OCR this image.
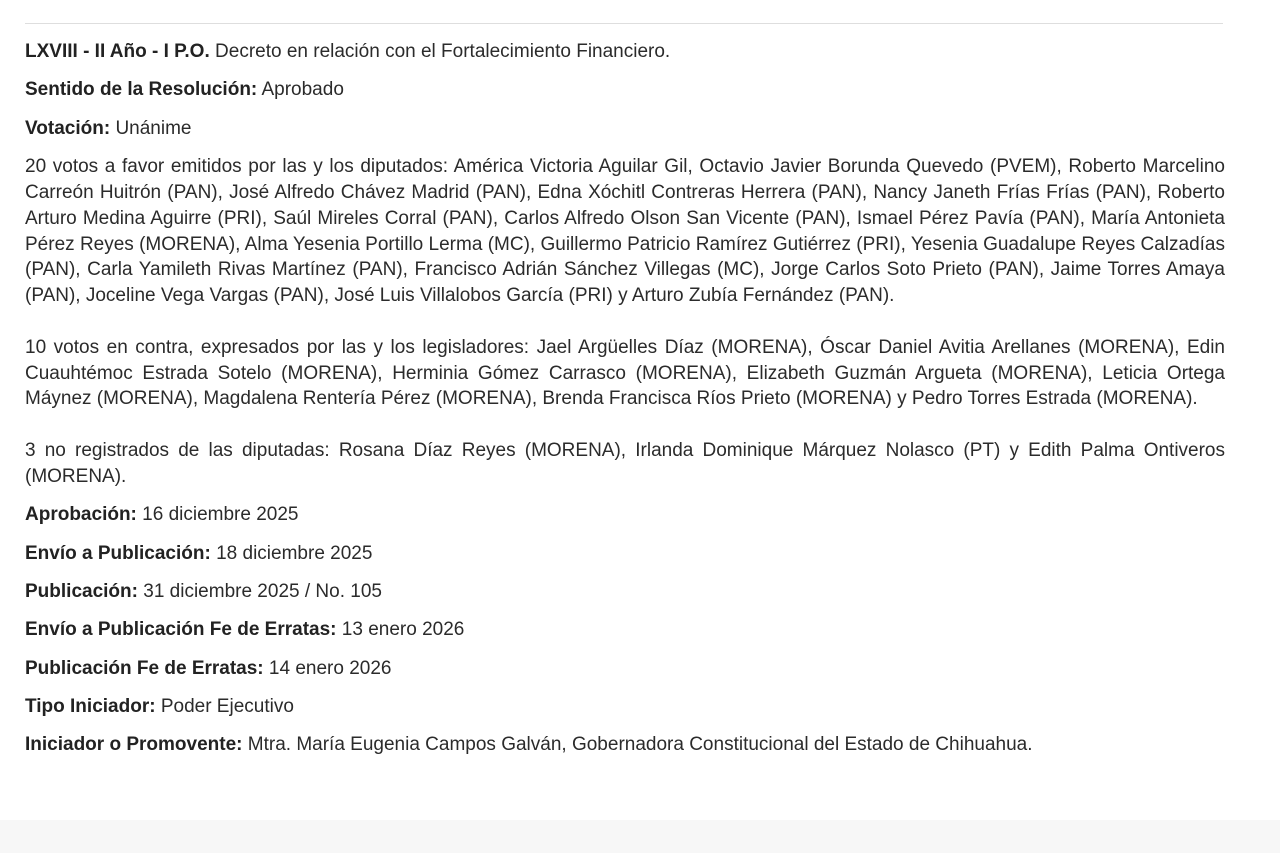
LXVIII - II Año - I P.O. Decreto en relación con el Fortalecimiento Financiero.
Sentido de la Resolución: Aprobado
Votación: Unánime

20 votos a favor emitidos por las y los diputados: América Victoria Aguilar Gil, Octavio Javier Borunda Quevedo (PVEM), Roberto Marcelino Carreón Huitrón (PAN), José Alfredo Chávez Madrid (PAN), Edna Xóchitl Contreras Herrera (PAN), Nancy Janeth Frías Frías (PAN), Roberto Arturo Medina Aguirre (PRI), Saúl Mireles Corral (PAN), Carlos Alfredo Olson San Vicente (PAN), Ismael Pérez Pavía (PAN), María Antonieta Pérez Reyes (MORENA), Alma Yesenia Portillo Lerma (MC), Guillermo Patricio Ramírez Gutiérrez (PRI), Yesenia Guadalupe Reyes Calzadías (PAN), Carla Yamileth Rivas Martínez (PAN), Francisco Adrián Sánchez Villegas (MC), Jorge Carlos Soto Prieto (PAN), Jaime Torres Amaya (PAN), Joceline Vega Vargas (PAN), José Luis Villalobos García (PRI) y Arturo Zubía Fernández (PAN).

10 votos en contra, expresados por las y los legisladores: Jael Argüelles Díaz (MORENA), Óscar Daniel Avitia Arellanes (MORENA), Edin Cuauhtémoc Estrada Sotelo (MORENA), Herminia Gómez Carrasco (MORENA), Elizabeth Guzmán Argueta (MORENA), Leticia Ortega Máynez (MORENA), Magdalena Rentería Pérez (MORENA), Brenda Francisca Ríos Prieto (MORENA) y Pedro Torres Estrada (MORENA).

3 no registrados de las diputadas: Rosana Díaz Reyes (MORENA), Irlanda Dominique Márquez Nolasco (PT) y Edith Palma Ontiveros (MORENA).

Aprobación: 16 diciembre 2025
Envío a Publicación: 18 diciembre 2025
Publicación: 31 diciembre 2025 / No. 105
Envío a Publicación Fe de Erratas: 13 enero 2026
Publicación Fe de Erratas: 14 enero 2026
Tipo Iniciador: Poder Ejecutivo
Iniciador o Promovente: Mtra. María Eugenia Campos Galván, Gobernadora Constitucional del Estado de Chihuahua.
